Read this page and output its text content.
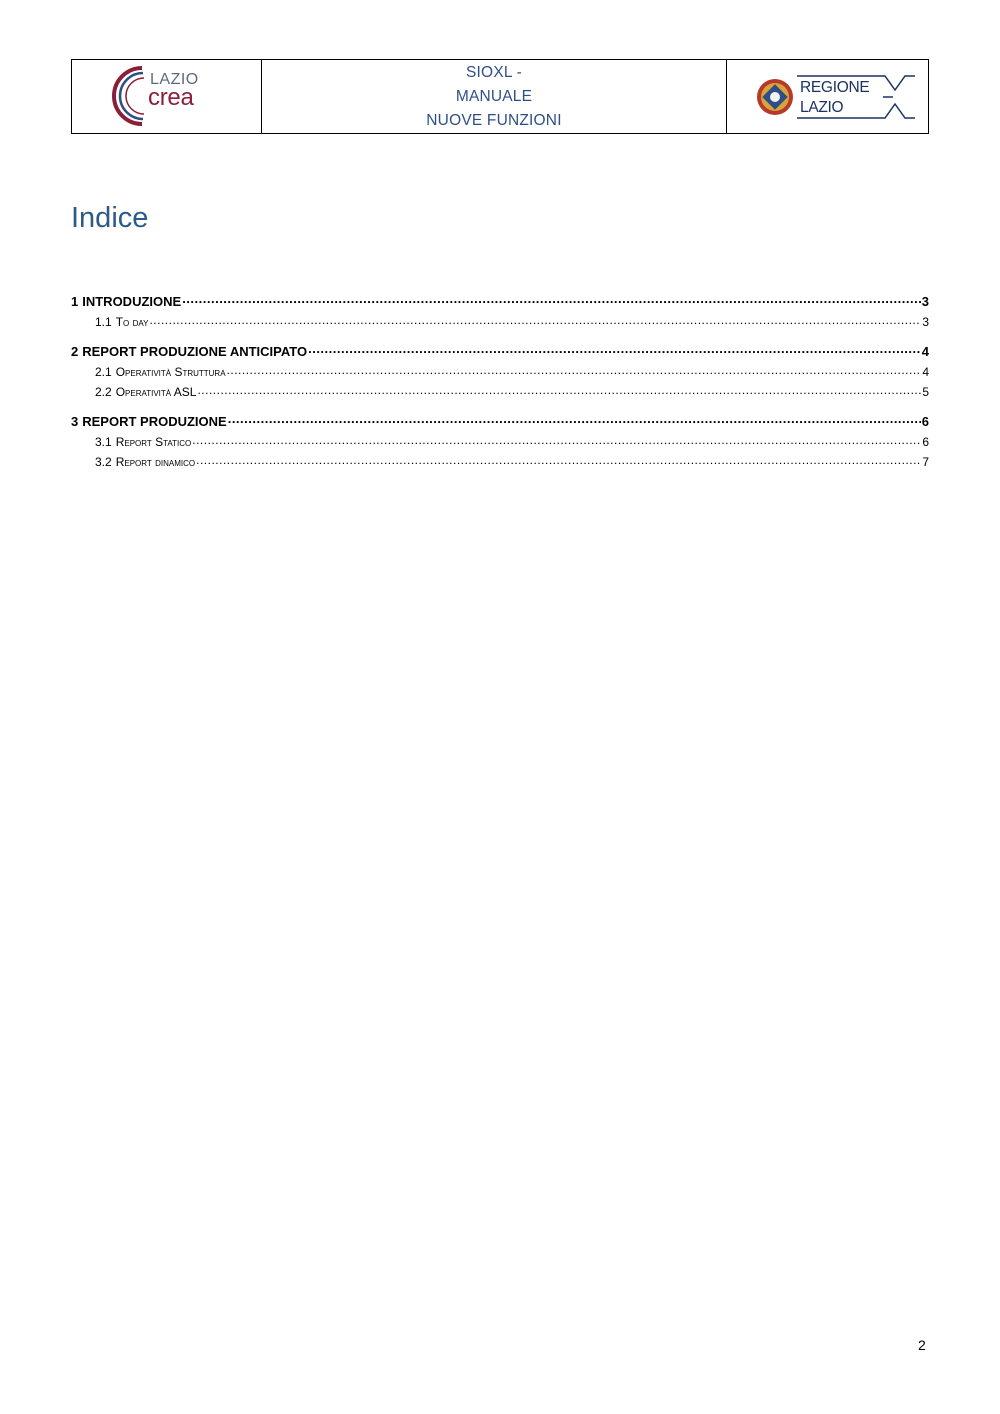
LAZIO
crea
SIOXL -
MANUALE
NUOVE FUNZIONI
REGIONE
LAZIO
Indice
1 INTRODUZIONE .....	3
1.1 To day .....	3
2 REPORT PRODUZIONE ANTICIPATO .....	4
2.1 Operatività Struttura .....	4
2.2 Operatività ASL .....	5
3 REPORT PRODUZIONE .....	6
3.1 Report Statico .....	6
3.2 Report dinamico .....	7
2
